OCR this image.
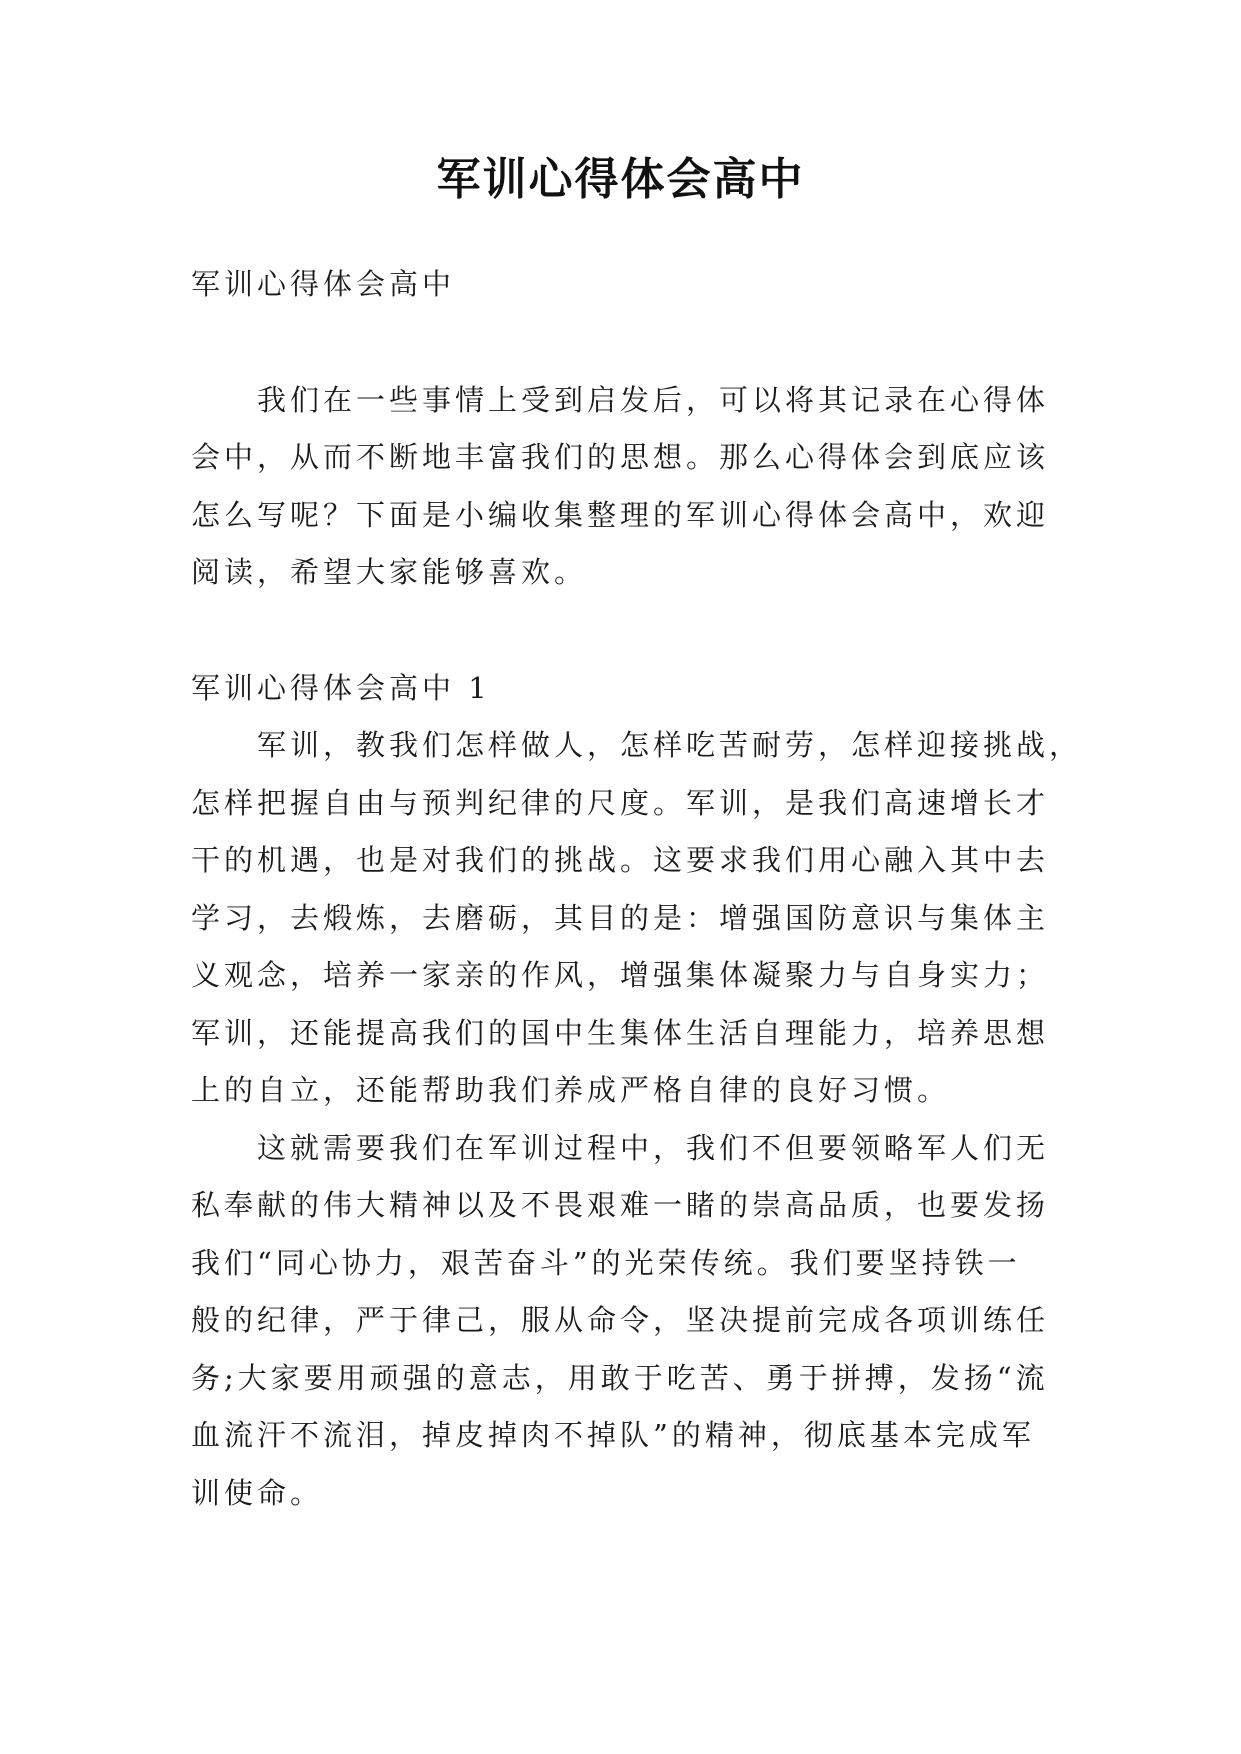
军训心得体会高中
军训心得体会高中
我们在一些事情上受到启发后，可以将其记录在心得体
会中，从而不断地丰富我们的思想。那么心得体会到底应该
怎么写呢？下面是小编收集整理的军训心得体会高中，欢迎
阅读，希望大家能够喜欢。
军训心得体会高中 1
军训，教我们怎样做人，怎样吃苦耐劳，怎样迎接挑战，
怎样把握自由与预判纪律的尺度。军训，是我们高速增长才
干的机遇，也是对我们的挑战。这要求我们用心融入其中去
学习，去煅炼，去磨砺，其目的是：增强国防意识与集体主
义观念，培养一家亲的作风，增强集体凝聚力与自身实力；
军训，还能提高我们的国中生集体生活自理能力，培养思想
上的自立，还能帮助我们养成严格自律的良好习惯。
这就需要我们在军训过程中，我们不但要领略军人们无
私奉献的伟大精神以及不畏艰难一睹的崇高品质，也要发扬
我们“同心协力，艰苦奋斗”的光荣传统。我们要坚持铁一
般的纪律，严于律己，服从命令，坚决提前完成各项训练任
务;大家要用顽强的意志，用敢于吃苦、勇于拼搏，发扬“流
血流汗不流泪，掉皮掉肉不掉队”的精神，彻底基本完成军
训使命。
